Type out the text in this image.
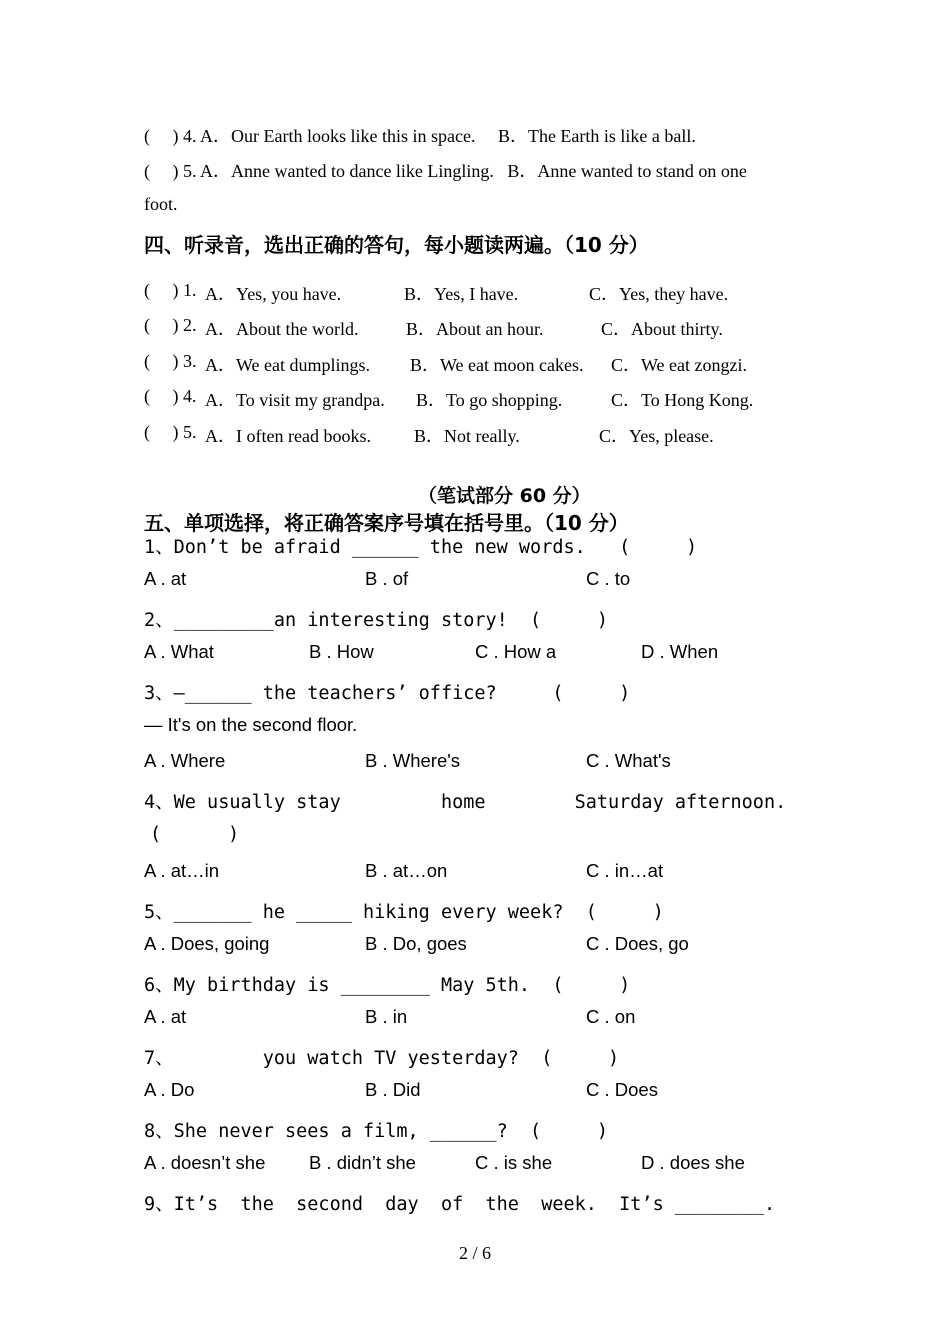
(     ) 4. A．Our Earth looks like this in space.     B．The Earth is like a ball.
(     ) 5. A．Anne wanted to dance like Lingling.   B．Anne wanted to stand on one
foot.
四、听录音，选出正确的答句，每小题读两遍。（10 分）
(     ) 1. A．Yes, you have.	B．Yes, I have.	C．Yes, they have.
(     ) 2. A．About the world.	B．About an hour.	C．About thirty.
(     ) 3. A．We eat dumplings. B．We eat moon cakes. C．We eat zongzi.
(     ) 4. A．To visit my grandpa. B．To go shopping.	C．To Hong Kong.
(     ) 5. A．I often read books. B．Not really.	C．Yes, please.
（笔试部分 60 分）
五、单项选择，将正确答案序号填在括号里。（10 分）
1、Don’t be afraid ______ the new words.   (     )
A . at	B . of	C . to
2、_________an interesting story!  (     )
A . What	B . How	C . How a	D . When
3、—______ the teachers’ office?     (     )
— It's on the second floor.
A . Where	B . Where's	C . What's
4、We usually stay         home        Saturday afternoon.
(      )
A . at…in	B . at…on	C . in…at
5、_______ he _____ hiking every week?  (     )
A . Does, going	B . Do, goes	C . Does, go
6、My birthday is ________ May 5th.  (     )
A . at	B . in	C . on
7、        you watch TV yesterday?  (     )
A . Do	B . Did	C . Does
8、She never sees a film, ______?  (     )
A . doesn’t she B . didn’t she	C . is she	D . does she
9、It’s  the  second  day  of  the  week.  It’s ________.
2 / 6
